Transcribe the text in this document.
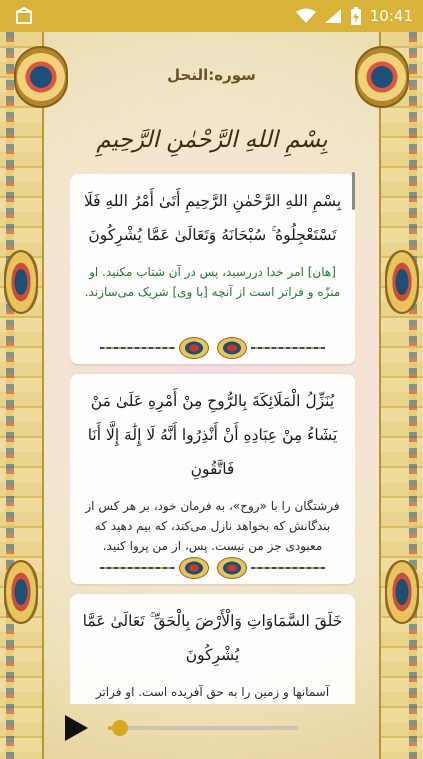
10:41
سوره:النحل
بِسْمِ اللهِ الرَّحْمٰنِ الرَّحِيمِ
بِسْمِ اللهِ الرَّحْمٰنِ الرَّحِيمِ أَتَىٰ أَمْرُ اللهِ فَلَا تَسْتَعْجِلُوهُ ۚ سُبْحَانَهُ وَتَعَالَىٰ عَمَّا يُشْرِكُونَ
[هان] امر خدا دررسید، پس در آن شتاب مکنید. او منزّه و فراتر است از آنچه [با وی] شریک می‌سازند.
يُنَزِّلُ الْمَلَائِكَةَ بِالرُّوحِ مِنْ أَمْرِهِ عَلَىٰ مَنْ يَشَاءُ مِنْ عِبَادِهِ أَنْ أَنْذِرُوا أَنَّهُ لَا إِلَٰهَ إِلَّا أَنَا فَاتَّقُونِ
فرشتگان را با «روح»، به فرمان خود، بر هر کس از بندگانش که بخواهد نازل می‌کند، که بیم دهید که معبودی جز من نیست. پس، از من پروا کنید.
خَلَقَ السَّمَاوَاتِ وَالْأَرْضَ بِالْحَقِّ ۚ تَعَالَىٰ عَمَّا يُشْرِكُونَ
آسمانها و زمین را به حق آفریده است. او فراتر
